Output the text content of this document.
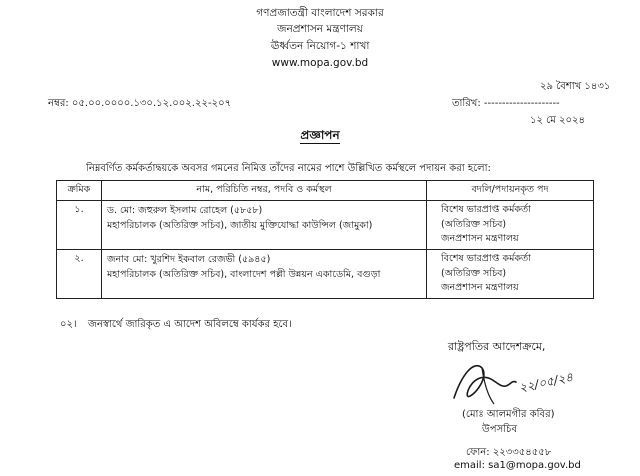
গণপ্রজাতন্ত্রী বাংলাদেশ সরকার
জনপ্রশাসন মন্ত্রণালয়
ঊর্ধ্বতন নিয়োগ-১ শাখা
www.mopa.gov.bd
২৯ বৈশাখ ১৪৩১
নম্বর: ০৫.০০.০০০০.১৩০.১২.০০২.২২-২০৭	তারিখ: ---------------------
১২ মে ২০২৪
প্রজ্ঞাপন
নিম্নবর্ণিত কর্মকর্তাদ্বয়কে অবসর গমনের নিমিত্ত তাঁদের নামের পাশে উল্লিখিত কর্মস্থলে পদায়ন করা হলো:
ক্রমিক	নাম, পরিচিতি নম্বর, পদবি ও কর্মস্থল	বদলি/পদায়নকৃত পদ
১.	ড. মো: জহুরুল ইসলাম রোহেল (৫৮৫৮)
মহাপরিচালক (অতিরিক্ত সচিব), জাতীয় মুক্তিযোদ্ধা কাউন্সিল (জামুকা)	বিশেষ ভারপ্রাপ্ত কর্মকর্তা
(অতিরিক্ত সচিব)
জনপ্রশাসন মন্ত্রণালয়

২.	জনাব মো: খুরশিদ ইকবাল রেজভী (৫৯৪৫)
মহাপরিচালক (অতিরিক্ত সচিব), বাংলাদেশ পল্লী উন্নয়ন একাডেমি, বগুড়া	বিশেষ ভারপ্রাপ্ত কর্মকর্তা
(অতিরিক্ত সচিব)
জনপ্রশাসন মন্ত্রণালয়
০২। জনস্বার্থে জারিকৃত এ আদেশ অবিলম্বে কার্যকর হবে।
রাষ্ট্রপতির আদেশক্রমে,
২২/০৫/২৪
(মোঃ আলমগীর কবির)
উপসচিব
ফোন: ২২৩৩৫৪৫৫৮
email: sa1@mopa.gov.bd
